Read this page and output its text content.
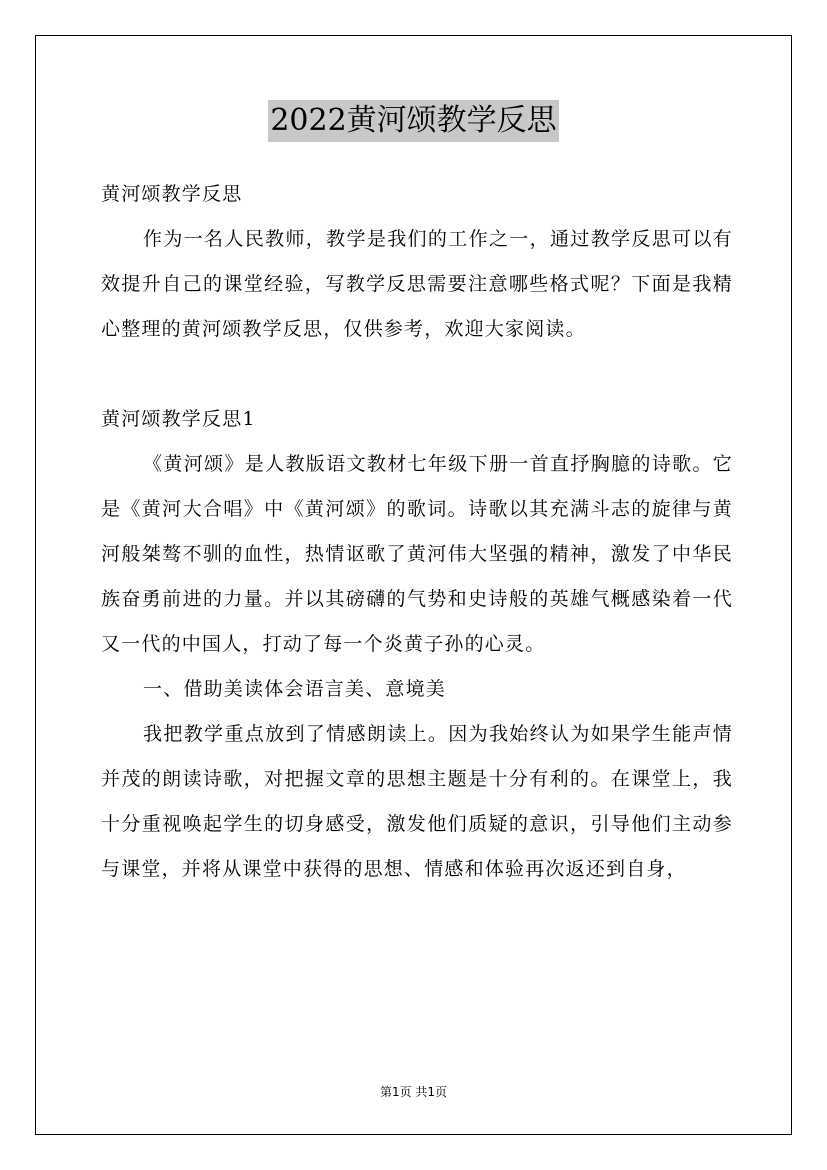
2022黄河颂教学反思

黄河颂教学反思

作为一名人民教师，教学是我们的工作之一，通过教学反思可以有效提升自己的课堂经验，写教学反思需要注意哪些格式呢？下面是我精心整理的黄河颂教学反思，仅供参考，欢迎大家阅读。

黄河颂教学反思1

《黄河颂》是人教版语文教材七年级下册一首直抒胸臆的诗歌。它是《黄河大合唱》中《黄河颂》的歌词。诗歌以其充满斗志的旋律与黄河般桀骜不驯的血性，热情讴歌了黄河伟大坚强的精神，激发了中华民族奋勇前进的力量。并以其磅礴的气势和史诗般的英雄气概感染着一代又一代的中国人，打动了每一个炎黄子孙的心灵。

一、借助美读体会语言美、意境美

我把教学重点放到了情感朗读上。因为我始终认为如果学生能声情并茂的朗读诗歌，对把握文章的思想主题是十分有利的。在课堂上，我十分重视唤起学生的切身感受，激发他们质疑的意识，引导他们主动参与课堂，并将从课堂中获得的思想、情感和体验再次返还到自身，

第1页 共1页
